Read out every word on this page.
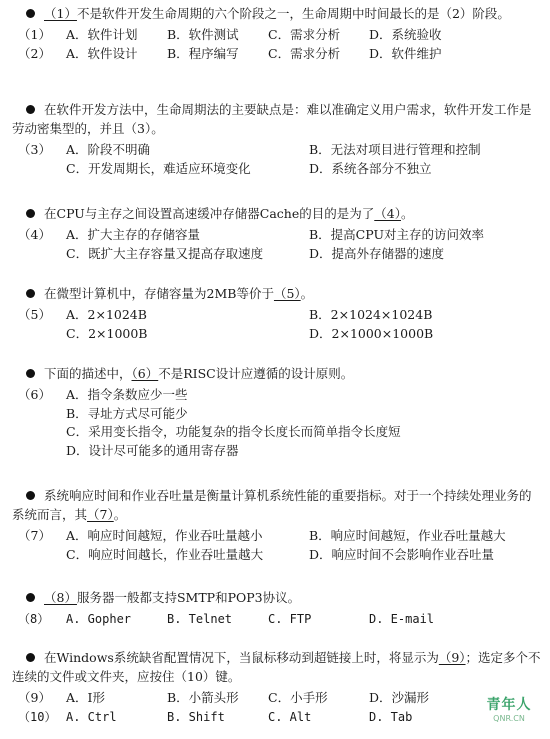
（1）不是软件开发生命周期的六个阶段之一，生命周期中时间最长的是（2）阶段。
（1）	A．软件计划	B．软件测试	C．需求分析	D．系统验收
（2）	A．软件设计	B．程序编写	C．需求分析	D．软件维护
在软件开发方法中，生命周期法的主要缺点是：难以准确定义用户需求，软件开发工作是劳动密集型的，并且（3）。
（3）	A．阶段不明确	B．无法对项目进行管理和控制
C．开发周期长，难适应环境变化	D．系统各部分不独立
在CPU与主存之间设置高速缓冲存储器Cache的目的是为了（4）。
（4）	A．扩大主存的存储容量	B．提高CPU对主存的访问效率
C．既扩大主存容量又提高存取速度	D．提高外存储器的速度
在微型计算机中，存储容量为2MB等价于（5）。
（5）	A．2×1024B	B．2×1024×1024B
C．2×1000B	D．2×1000×1000B
下面的描述中，（6）不是RISC设计应遵循的设计原则。
（6）	A．指令条数应少一些
B．寻址方式尽可能少
C．采用变长指令，功能复杂的指令长度长而简单指令长度短
D．设计尽可能多的通用寄存器
系统响应时间和作业吞吐量是衡量计算机系统性能的重要指标。对于一个持续处理业务的系统而言，其（7）。
（7）	A．响应时间越短，作业吞吐量越小	B．响应时间越短，作业吞吐量越大
C．响应时间越长，作业吞吐量越大	D．响应时间不会影响作业吞吐量
（8）服务器一般都支持SMTP和POP3协议。
（8）	A. Gopher	B. Telnet	C. FTP	D. E-mail
在Windows系统缺省配置情况下，当鼠标移动到超链接上时，将显示为（9）；选定多个不连续的文件或文件夹，应按住（10）键。
（9）	A．I形	B．小箭头形	C．小手形	D．沙漏形
（10） A. Ctrl	B. Shift	C. Alt	D. Tab
青年人
QNR.CN
